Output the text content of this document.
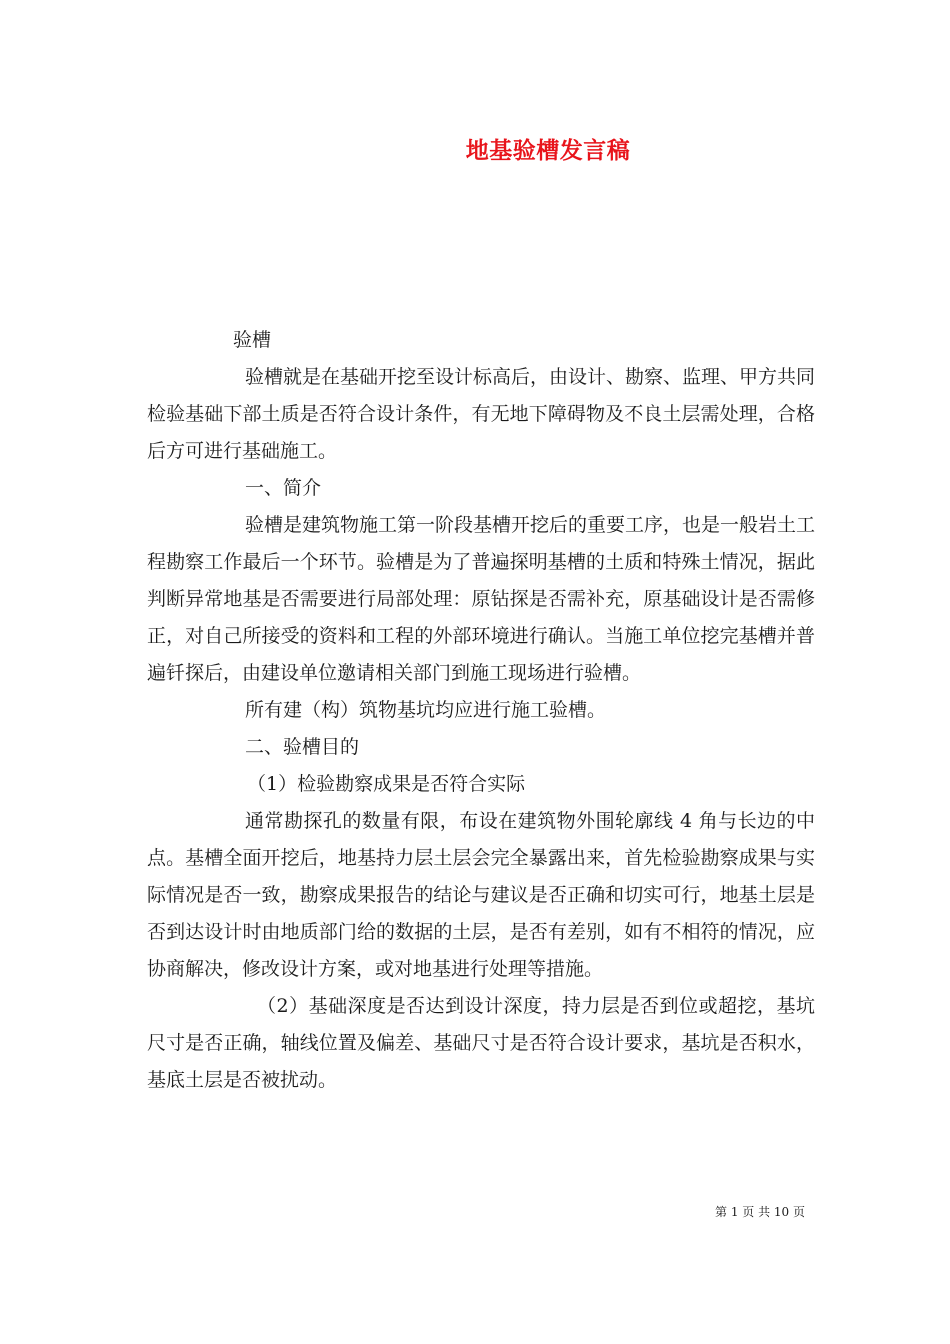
地基验槽发言稿

验槽

验槽就是在基础开挖至设计标高后，由设计、勘察、监理、甲方共同检验基础下部土质是否符合设计条件，有无地下障碍物及不良土层需处理，合格后方可进行基础施工。

一、简介

验槽是建筑物施工第一阶段基槽开挖后的重要工序，也是一般岩土工程勘察工作最后一个环节。验槽是为了普遍探明基槽的土质和特殊土情况，据此判断异常地基是否需要进行局部处理：原钻探是否需补充，原基础设计是否需修正，对自己所接受的资料和工程的外部环境进行确认。当施工单位挖完基槽并普遍钎探后，由建设单位邀请相关部门到施工现场进行验槽。

所有建（构）筑物基坑均应进行施工验槽。

二、验槽目的

（1）检验勘察成果是否符合实际

通常勘探孔的数量有限，布设在建筑物外围轮廓线 4 角与长边的中点。基槽全面开挖后，地基持力层土层会完全暴露出来，首先检验勘察成果与实际情况是否一致，勘察成果报告的结论与建议是否正确和切实可行，地基土层是否到达设计时由地质部门给的数据的土层，是否有差别，如有不相符的情况，应协商解决，修改设计方案，或对地基进行处理等措施。

（2）基础深度是否达到设计深度，持力层是否到位或超挖，基坑尺寸是否正确，轴线位置及偏差、基础尺寸是否符合设计要求，基坑是否积水，基底土层是否被扰动。

第 1 页 共 10 页
